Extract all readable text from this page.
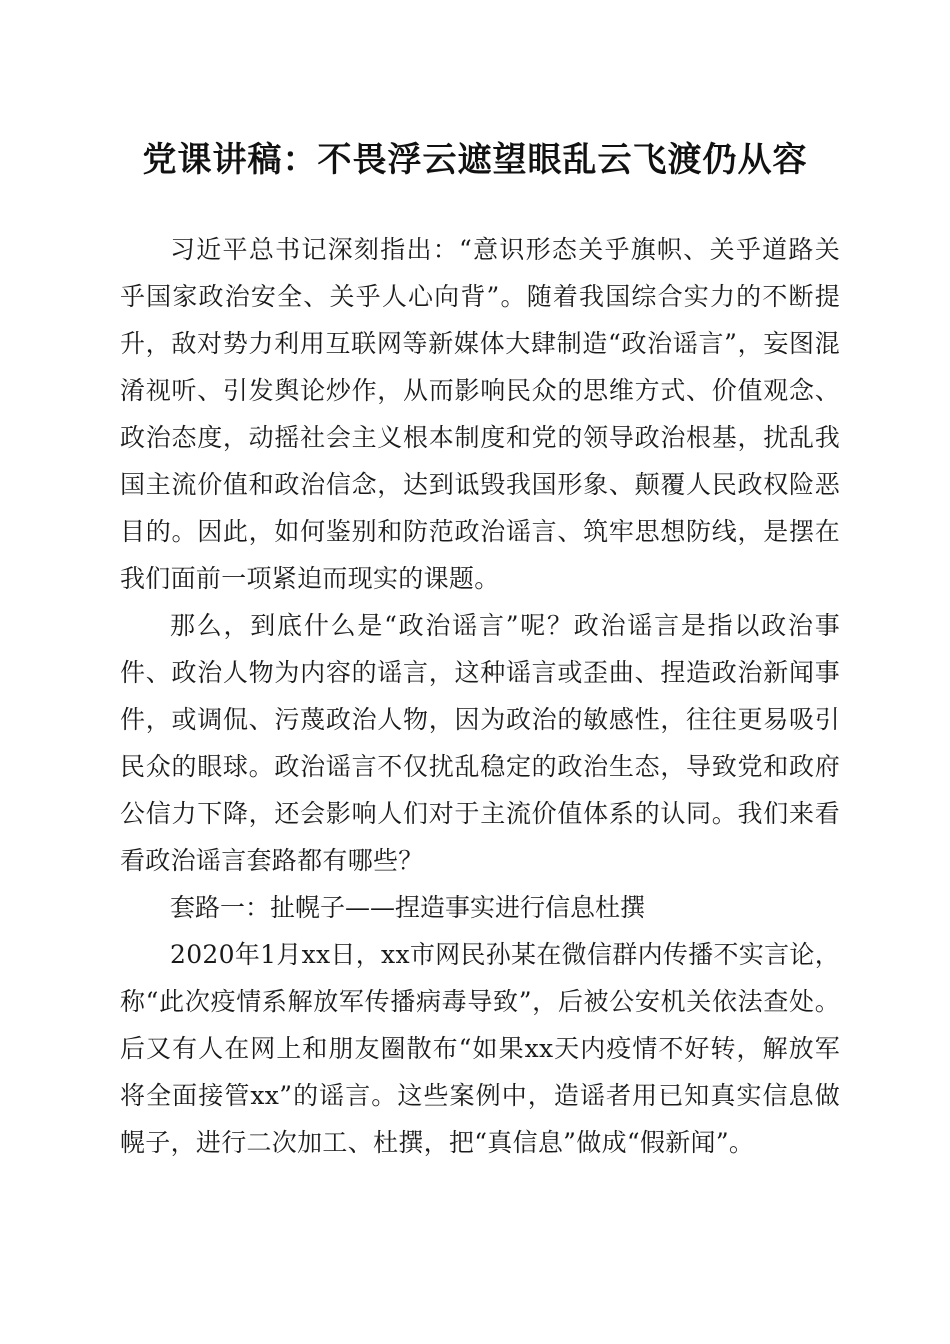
党课讲稿：不畏浮云遮望眼乱云飞渡仍从容

习近平总书记深刻指出：“意识形态关乎旗帜、关乎道路关乎国家政治安全、关乎人心向背”。随着我国综合实力的不断提升，敌对势力利用互联网等新媒体大肆制造“政治谣言”，妄图混淆视听、引发舆论炒作，从而影响民众的思维方式、价值观念、政治态度，动摇社会主义根本制度和党的领导政治根基，扰乱我国主流价值和政治信念，达到诋毁我国形象、颠覆人民政权险恶目的。因此，如何鉴别和防范政治谣言、筑牢思想防线，是摆在我们面前一项紧迫而现实的课题。

那么，到底什么是“政治谣言”呢？政治谣言是指以政治事件、政治人物为内容的谣言，这种谣言或歪曲、捏造政治新闻事件，或调侃、污蔑政治人物，因为政治的敏感性，往往更易吸引民众的眼球。政治谣言不仅扰乱稳定的政治生态，导致党和政府公信力下降，还会影响人们对于主流价值体系的认同。我们来看看政治谣言套路都有哪些？

套路一：扯幌子——捏造事实进行信息杜撰

2020年1月xx日，xx市网民孙某在微信群内传播不实言论，称“此次疫情系解放军传播病毒导致”，后被公安机关依法查处。后又有人在网上和朋友圈散布“如果xx天内疫情不好转，解放军将全面接管xx”的谣言。这些案例中，造谣者用已知真实信息做幌子，进行二次加工、杜撰，把“真信息”做成“假新闻”。
